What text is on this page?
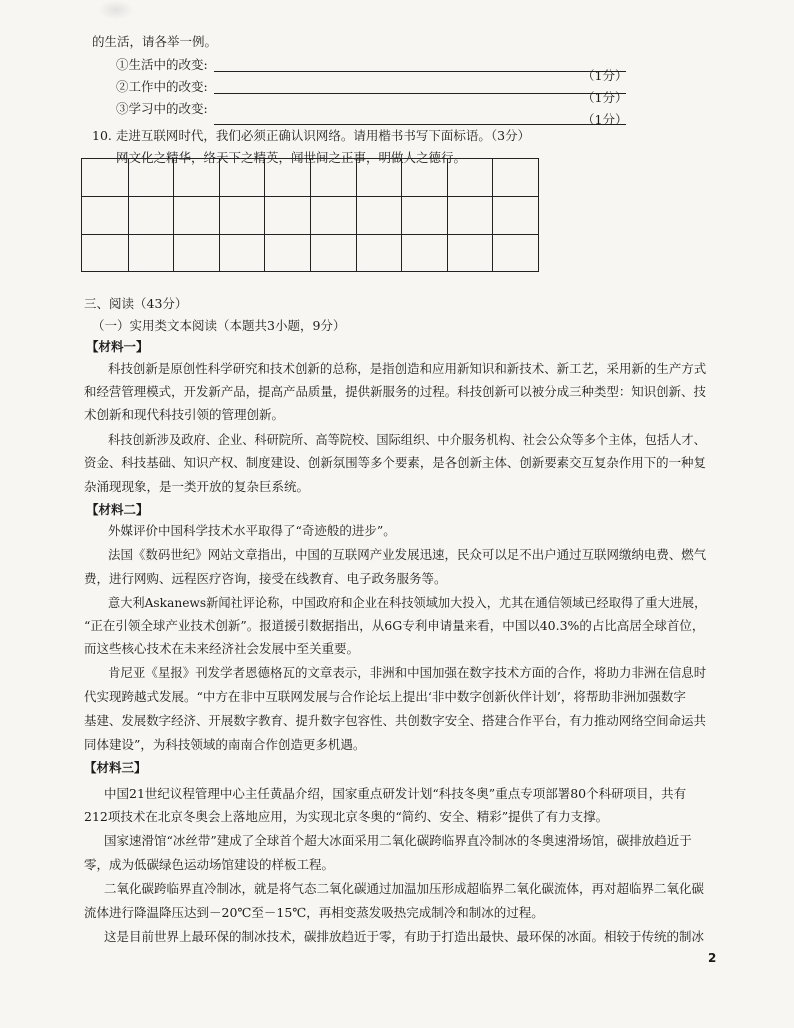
的生活，请各举一例。
①生活中的改变:
（1分）
②工作中的改变:
（1分）
③学习中的改变:
（1分）
10. 走进互联网时代，我们必须正确认识网络。请用楷书书写下面标语。（3分）
网文化之精华，络天下之精英，闻世间之正事，明做人之德行。
三、阅读（43分）
（一）实用类文本阅读（本题共3小题，9分）
【材料一】
科技创新是原创性科学研究和技术创新的总称，是指创造和应用新知识和新技术、新工艺，采用新的生产方式
和经营管理模式，开发新产品，提高产品质量，提供新服务的过程。科技创新可以被分成三种类型：知识创新、技
术创新和现代科技引领的管理创新。
科技创新涉及政府、企业、科研院所、高等院校、国际组织、中介服务机构、社会公众等多个主体，包括人才、
资金、科技基础、知识产权、制度建设、创新氛围等多个要素，是各创新主体、创新要素交互复杂作用下的一种复
杂涌现现象，是一类开放的复杂巨系统。
【材料二】
外媒评价中国科学技术水平取得了“奇迹般的进步”。
法国《数码世纪》网站文章指出，中国的互联网产业发展迅速，民众可以足不出户通过互联网缴纳电费、燃气
费，进行网购、远程医疗咨询，接受在线教育、电子政务服务等。
意大利Askanews新闻社评论称，中国政府和企业在科技领域加大投入，尤其在通信领域已经取得了重大进展，
“正在引领全球产业技术创新”。报道援引数据指出，从6G专利申请量来看，中国以40.3%的占比高居全球首位，
而这些核心技术在未来经济社会发展中至关重要。
肯尼亚《星报》刊发学者恩德格瓦的文章表示，非洲和中国加强在数字技术方面的合作，将助力非洲在信息时
代实现跨越式发展。“中方在非中互联网发展与合作论坛上提出‘非中数字创新伙伴计划’，将帮助非洲加强数字
基建、发展数字经济、开展数字教育、提升数字包容性、共创数字安全、搭建合作平台，有力推动网络空间命运共
同体建设”，为科技领域的南南合作创造更多机遇。
【材料三】
中国21世纪议程管理中心主任黄晶介绍，国家重点研发计划“科技冬奥”重点专项部署80个科研项目，共有
212项技术在北京冬奥会上落地应用，为实现北京冬奥的“简约、安全、精彩”提供了有力支撑。
国家速滑馆“冰丝带”建成了全球首个超大冰面采用二氧化碳跨临界直冷制冰的冬奥速滑场馆，碳排放趋近于
零，成为低碳绿色运动场馆建设的样板工程。
二氧化碳跨临界直冷制冰，就是将气态二氧化碳通过加温加压形成超临界二氧化碳流体，再对超临界二氧化碳
流体进行降温降压达到－20℃至－15℃，再相变蒸发吸热完成制冷和制冰的过程。
这是目前世界上最环保的制冰技术，碳排放趋近于零，有助于打造出最快、最环保的冰面。相较于传统的制冰
2
